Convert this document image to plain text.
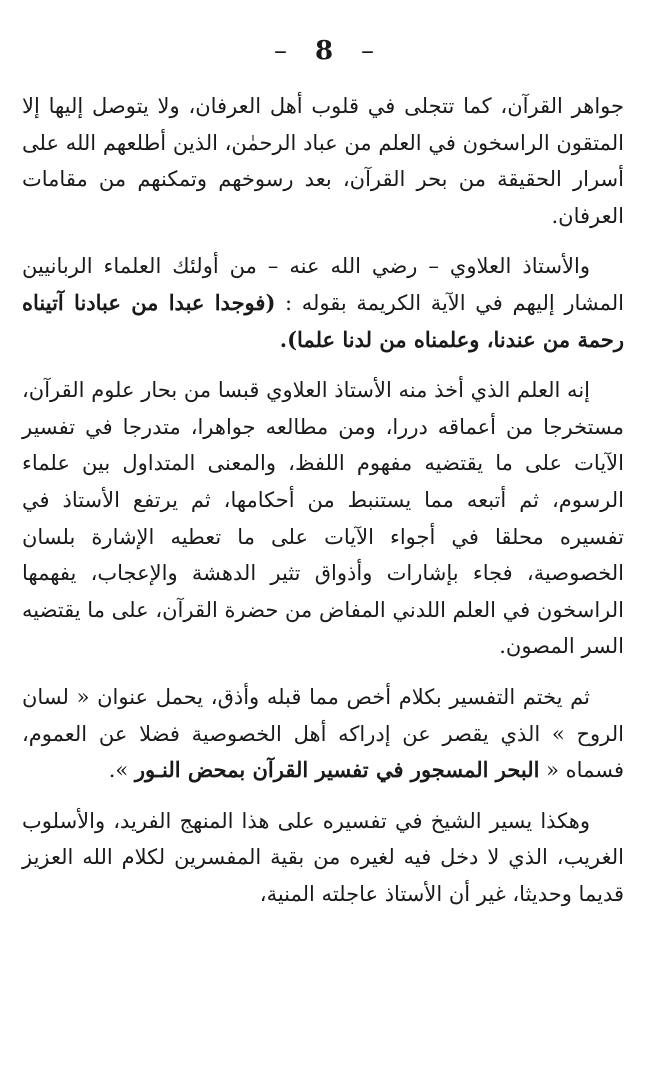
– 8 –

جواهر القرآن، كما تتجلى في قلوب أهل العرفان، ولا يتوصل إليها إلا المتقون الراسخون في العلم من عباد الرحمٰن، الذين أطلعهم الله على أسرار الحقيقة من بحر القرآن، بعد رسوخهم وتمكنهم من مقامات العرفان.

والأستاذ العلاوي – رضي الله عنه – من أولئك العلماء الربانيين المشار إليهم في الآية الكريمة بقوله : (فوجدا عبدا من عبادنا آتيناه رحمة من عندنا، وعلمناه من لدنا علما).

إنه العلم الذي أخذ منه الأستاذ العلاوي قبسا من بحار علوم القرآن، مستخرجا من أعماقه دررا، ومن مطالعه جواهرا، متدرجا في تفسير الآيات على ما يقتضيه مفهوم اللفظ، والمعنى المتداول بين علماء الرسوم، ثم أتبعه مما يستنبط من أحكامها، ثم يرتفع الأستاذ في تفسيره محلقا في أجواء الآيات على ما تعطيه الإشارة بلسان الخصوصية، فجاء بإشارات وأذواق تثير الدهشة والإعجاب، يفهمها الراسخون في العلم اللدني المفاض من حضرة القرآن، على ما يقتضيه السر المصون.

ثم يختم التفسير بكلام أخص مما قبله وأذق، يحمل عنوان « لسان الروح » الذي يقصر عن إدراكه أهل الخصوصية فضلا عن العموم، فسماه « البحر المسجور في تفسير القرآن بمحض النـور ».

وهكذا يسير الشيخ في تفسيره على هذا المنهج الفريد، والأسلوب الغريب، الذي لا دخل فيه لغيره من بقية المفسرين لكلام الله العزيز قديما وحديثا، غير أن الأستاذ عاجلته المنية،
